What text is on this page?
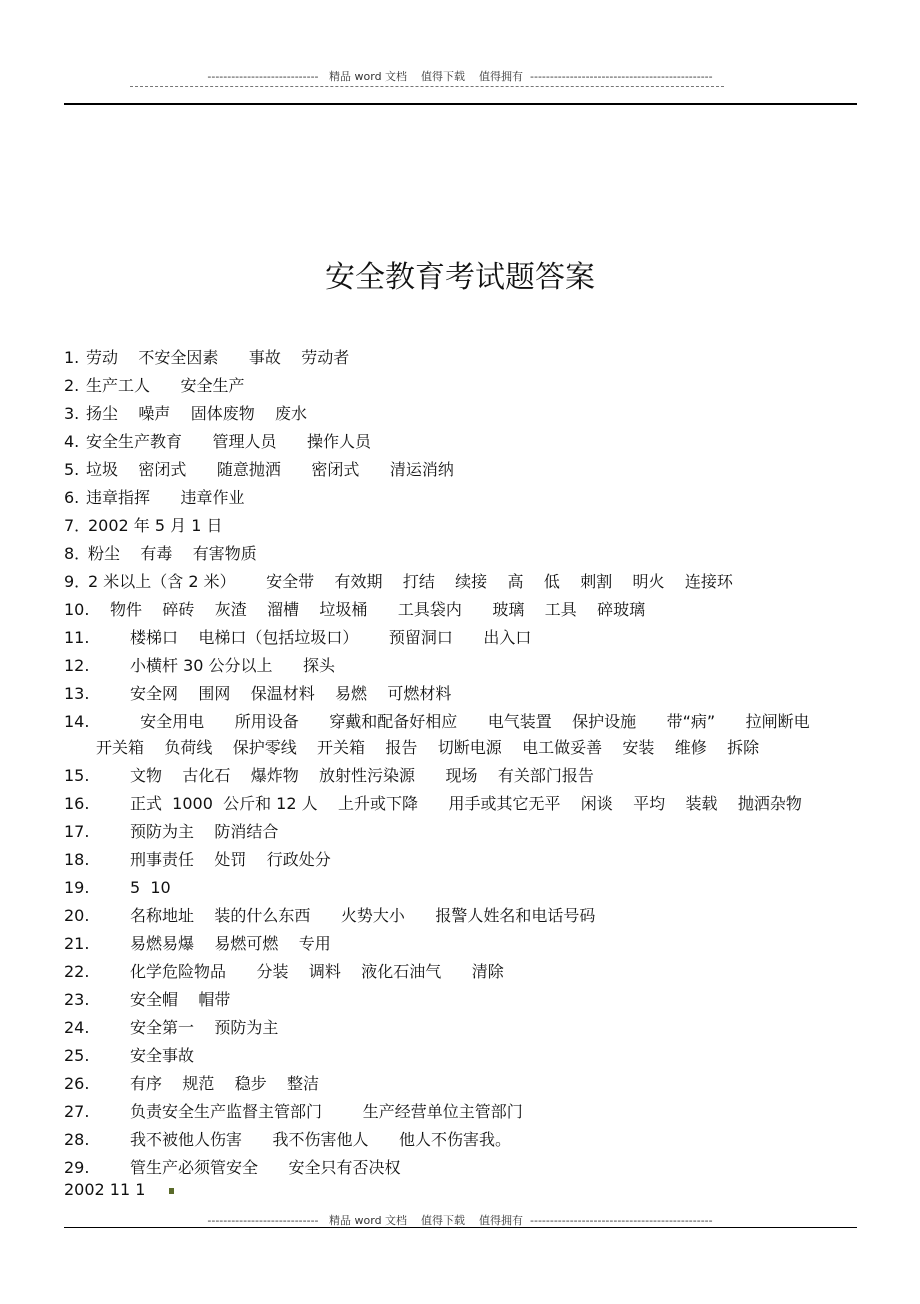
----------------------------   精品 word 文档    值得下载    值得拥有  ----------------------------------------------
安全教育考试题答案
1. 劳动    不安全因素      事故    劳动者
2. 生产工人      安全生产
3. 扬尘    噪声    固体废物    废水
4. 安全生产教育      管理人员      操作人员
5. 垃圾    密闭式      随意抛洒      密闭式      清运消纳
6. 违章指挥      违章作业
7．2002 年 5 月 1 日
8．粉尘    有毒    有害物质
9．2 米以上（含 2 米）      安全带    有效期    打结    续接    高    低    刺割    明火    连接环
10. 物件    碎砖    灰渣    溜槽    垃圾桶      工具袋内      玻璃    工具    碎玻璃
11.	楼梯口    电梯口（包括垃圾口）      预留洞口      出入口
12.	小横杆 30 公分以上      探头
13.	安全网    围网    保温材料    易燃    可燃材料
14.	安全用电      所用设备      穿戴和配备好相应      电气装置    保护设施      带“病”      拉闸断电
开关箱    负荷线    保护零线    开关箱    报告    切断电源    电工做妥善    安装    维修    拆除
15.	文物    古化石    爆炸物    放射性污染源      现场    有关部门报告
16.	正式  1000  公斤和 12 人    上升或下降      用手或其它无平    闲谈    平均    装载    抛洒杂物
17.	预防为主    防消结合
18.	刑事责任    处罚    行政处分
19.	5  10
20.	名称地址    装的什么东西      火势大小      报警人姓名和电话号码
21.	易燃易爆    易燃可燃    专用
22.	化学危险物品      分装    调料    液化石油气      清除
23.	安全帽    帽带
24.	安全第一    预防为主
25.	安全事故
26.	有序    规范    稳步    整洁
27.	负责安全生产监督主管部门        生产经营单位主管部门
28.	我不被他人伤害      我不伤害他人      他人不伤害我。
29.	管生产必须管安全      安全只有否决权
2002 11 1
----------------------------   精品 word 文档    值得下载    值得拥有  ----------------------------------------------
